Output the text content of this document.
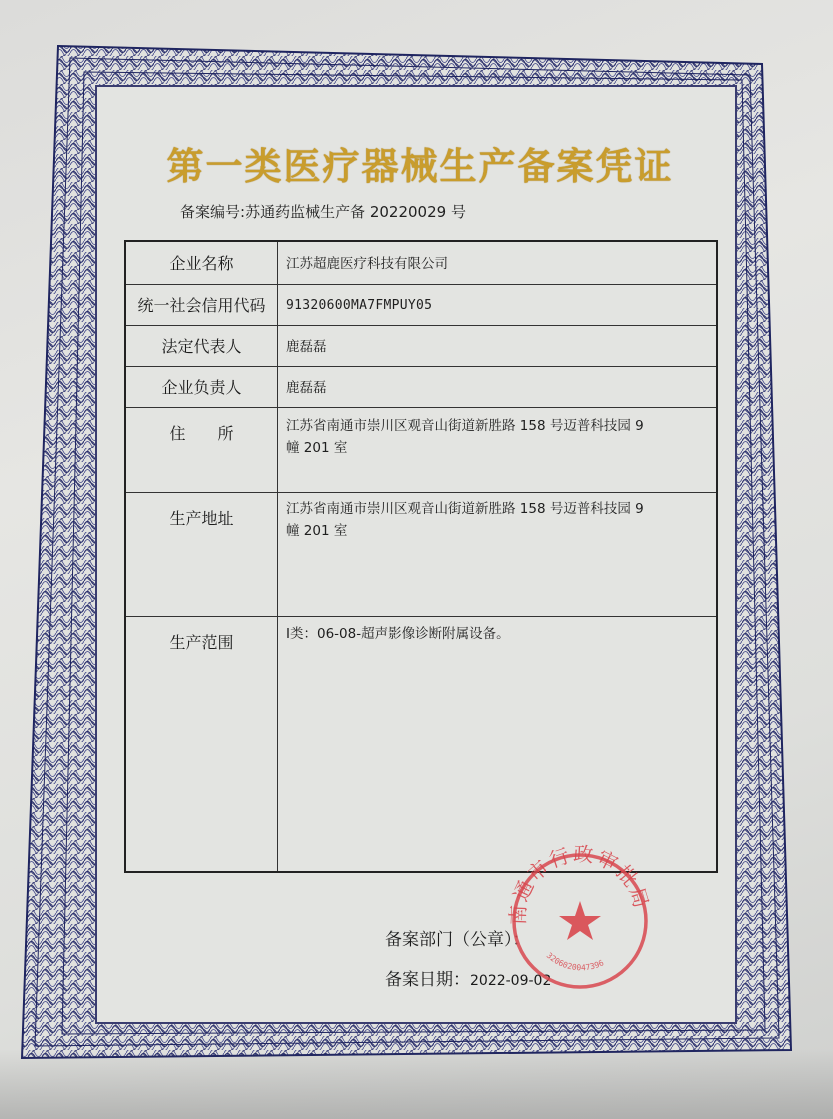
第一类医疗器械生产备案凭证
备案编号:苏通药监械生产备 20220029 号
企业名称	江苏超鹿医疗科技有限公司
统一社会信用代码	91320600MA7FMPUY05
法定代表人	鹿磊磊
企业负责人	鹿磊磊
住　　所	江苏省南通市崇川区观音山街道新胜路 158 号迈普科技园 9
幢 201 室
生产地址	江苏省南通市崇川区观音山街道新胜路 158 号迈普科技园 9
幢 201 室
生产范围	Ⅰ类：06-08-超声影像诊断附属设备。
备案部门（公章）：
备案日期：2022-09-02
南通市行政审批局
3206020047396
